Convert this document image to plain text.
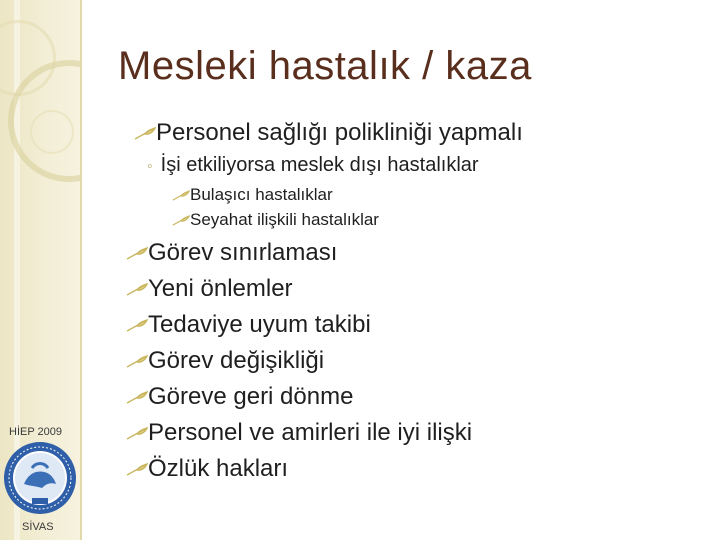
HİEP 2009
SİVAS
Mesleki hastalık / kaza
Personel sağlığı polikliniği yapmalı
◦ İşi etkiliyorsa meslek dışı hastalıklar
Bulaşıcı hastalıklar
Seyahat ilişkili hastalıklar
Görev sınırlaması
Yeni önlemler
Tedaviye uyum takibi
Görev değişikliği
Göreve geri dönme
Personel ve amirleri ile iyi ilişki
Özlük hakları
